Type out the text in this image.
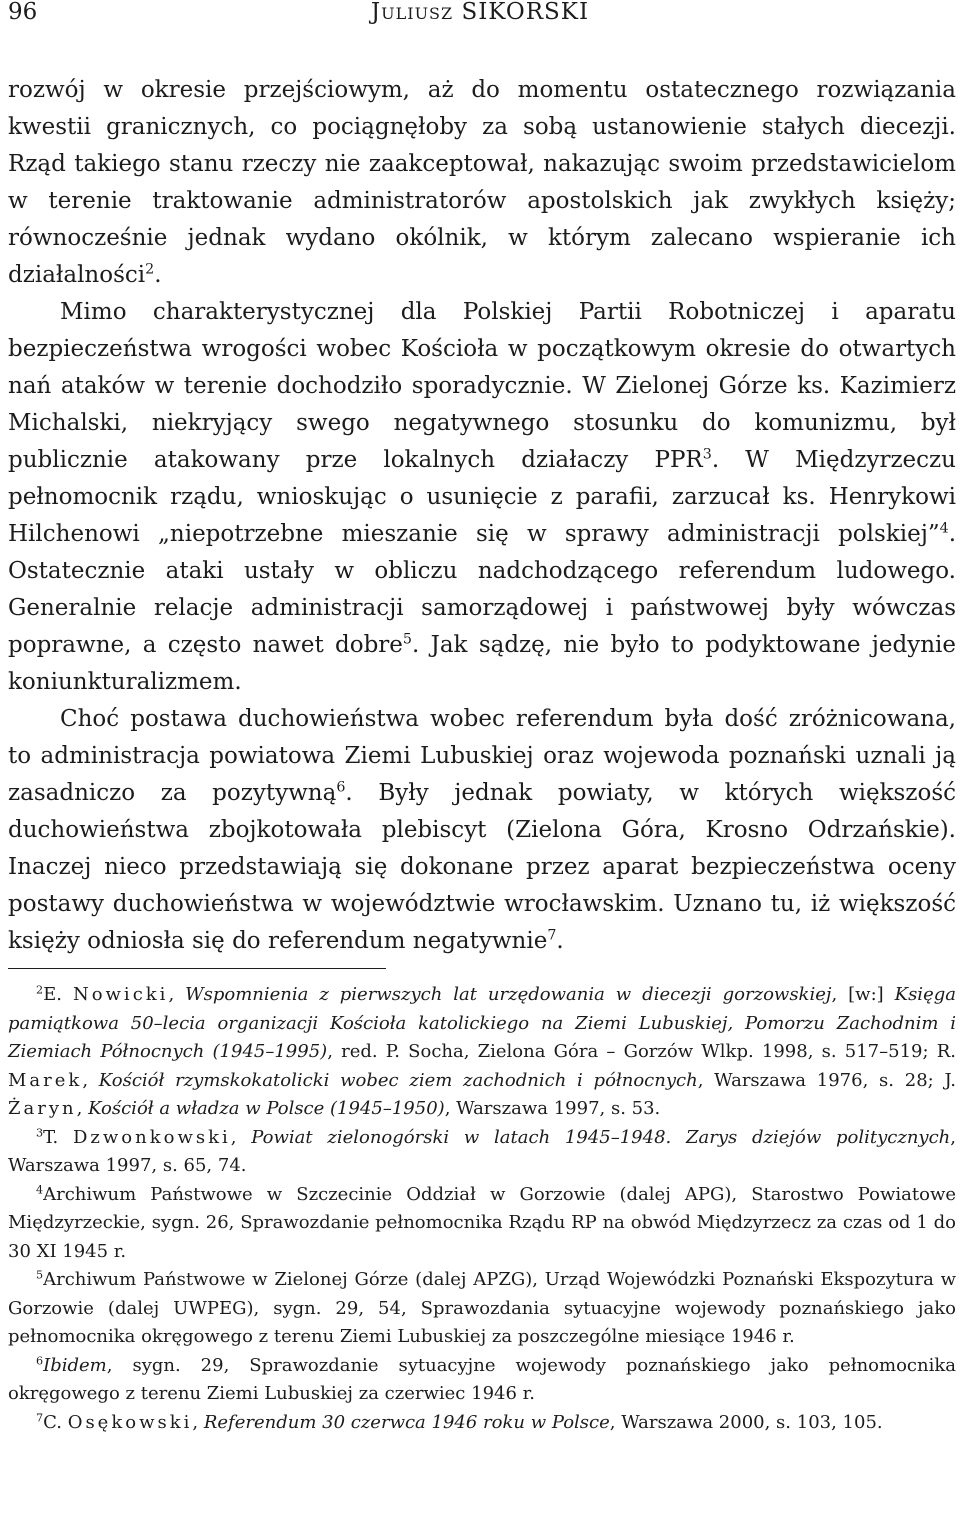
Juliusz SIKORSKI
96

rozwój w okresie przejściowym, aż do momentu ostatecznego rozwiązania kwestii granicznych, co pociągnęłoby za sobą ustanowienie stałych diecezji. Rząd takiego stanu rzeczy nie zaakceptował, nakazując swoim przedstawicielom w terenie traktowanie administratorów apostolskich jak zwykłych księży; równocześnie jednak wydano okólnik, w którym zalecano wspieranie ich działalności$^2$.

Mimo charakterystycznej dla Polskiej Partii Robotniczej i aparatu bezpieczeństwa wrogości wobec Kościoła w początkowym okresie do otwartych nań ataków w terenie dochodziło sporadycznie. W Zielonej Górze ks. Kazimierz Michalski, niekryjący swego negatywnego stosunku do komunizmu, był publicznie atakowany prze lokalnych działaczy PPR$^3$. W Międzyrzeczu pełnomocnik rządu, wnioskując o usunięcie z parafii, zarzucał ks. Henrykowi Hilchenowi „niepotrzebne mieszanie się w sprawy administracji polskiej”$^4$. Ostatecznie ataki ustały w obliczu nadchodzącego referendum ludowego. Generalnie relacje administracji samorządowej i państwowej były wówczas poprawne, a często nawet dobre$^5$. Jak sądzę, nie było to podyktowane jedynie koniunkturalizmem.

Choć postawa duchowieństwa wobec referendum była dość zróżnicowana, to administracja powiatowa Ziemi Lubuskiej oraz wojewoda poznański uznali ją zasadniczo za pozytywną$^6$. Były jednak powiaty, w których większość duchowieństwa zbojkotowała plebiscyt (Zielona Góra, Krosno Odrzańskie). Inaczej nieco przedstawiają się dokonane przez aparat bezpieczeństwa oceny postawy duchowieństwa w województwie wrocławskim. Uznano tu, iż większość księży odniosła się do referendum negatywnie$^7$.

$^2$E. Nowicki, Wspomnienia z pierwszych lat urzędowania w diecezji gorzowskiej, [w:] Księga pamiątkowa 50–lecia organizacji Kościoła katolickiego na Ziemi Lubuskiej, Pomorzu Zachodnim i Ziemiach Północnych (1945–1995), red. P. Socha, Zielona Góra – Gorzów Wlkp. 1998, s. 517–519; R. Marek, Kościół rzymskokatolicki wobec ziem zachodnich i północnych, Warszawa 1976, s. 28; J. Żaryn, Kościół a władza w Polsce (1945–1950), Warszawa 1997, s. 53.

$^3$T. Dzwonkowski, Powiat zielonogórski w latach 1945–1948. Zarys dziejów politycznych, Warszawa 1997, s. 65, 74.

$^4$Archiwum Państwowe w Szczecinie Oddział w Gorzowie (dalej APG), Starostwo Powiatowe Międzyrzeckie, sygn. 26, Sprawozdanie pełnomocnika Rządu RP na obwód Międzyrzecz za czas od 1 do 30 XI 1945 r.

$^5$Archiwum Państwowe w Zielonej Górze (dalej APZG), Urząd Wojewódzki Poznański Ekspozytura w Gorzowie (dalej UWPEG), sygn. 29, 54, Sprawozdania sytuacyjne wojewody poznańskiego jako pełnomocnika okręgowego z terenu Ziemi Lubuskiej za poszczególne miesiące 1946 r.

$^6$Ibidem, sygn. 29, Sprawozdanie sytuacyjne wojewody poznańskiego jako pełnomocnika okręgowego z terenu Ziemi Lubuskiej za czerwiec 1946 r.

$^7$C. Osękowski, Referendum 30 czerwca 1946 roku w Polsce, Warszawa 2000, s. 103, 105.
